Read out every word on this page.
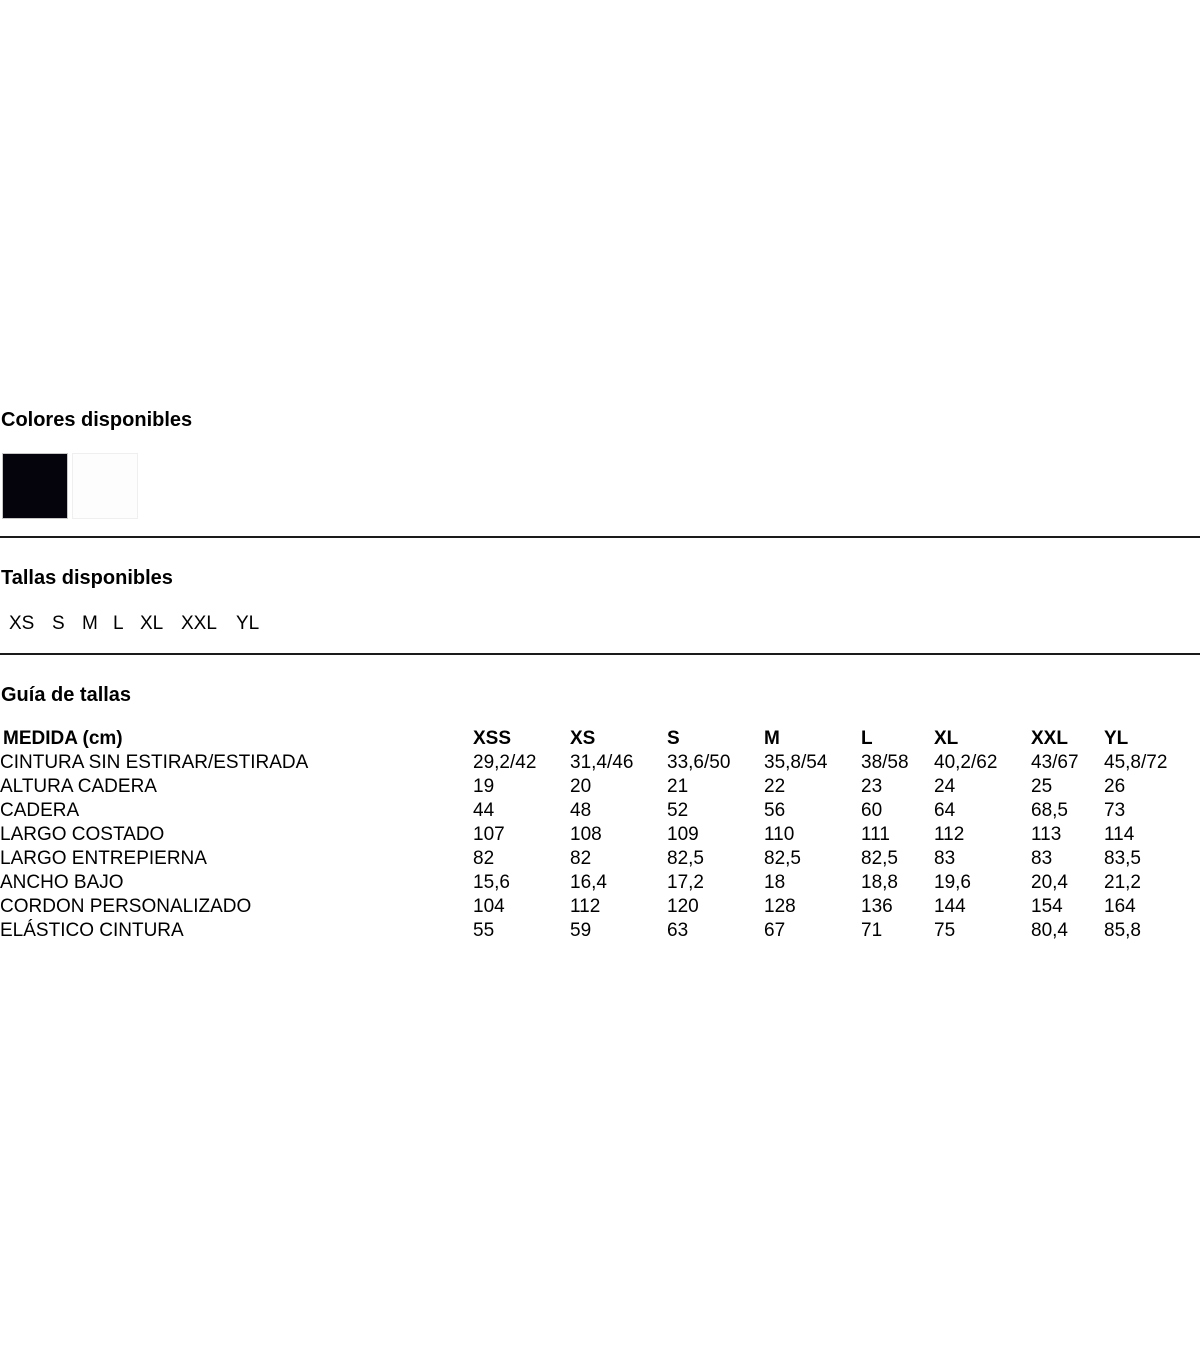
Colores disponibles
Tallas disponibles
XS S M L XL XXL YL
Guía de tallas
MEDIDA (cm)	XSS	XS	S	M	L	XL	XXL	YL
CINTURA SIN ESTIRAR/ESTIRADA	29,2/42	31,4/46	33,6/50	35,8/54	38/58	40,2/62	43/67	45,8/72
ALTURA CADERA	19	20	21	22	23	24	25	26
CADERA	44	48	52	56	60	64	68,5	73
LARGO COSTADO	107	108	109	110	111	112	113	114
LARGO ENTREPIERNA	82	82	82,5	82,5	82,5	83	83	83,5
ANCHO BAJO	15,6	16,4	17,2	18	18,8	19,6	20,4	21,2
CORDON PERSONALIZADO	104	112	120	128	136	144	154	164
ELÁSTICO CINTURA	55	59	63	67	71	75	80,4	85,8
